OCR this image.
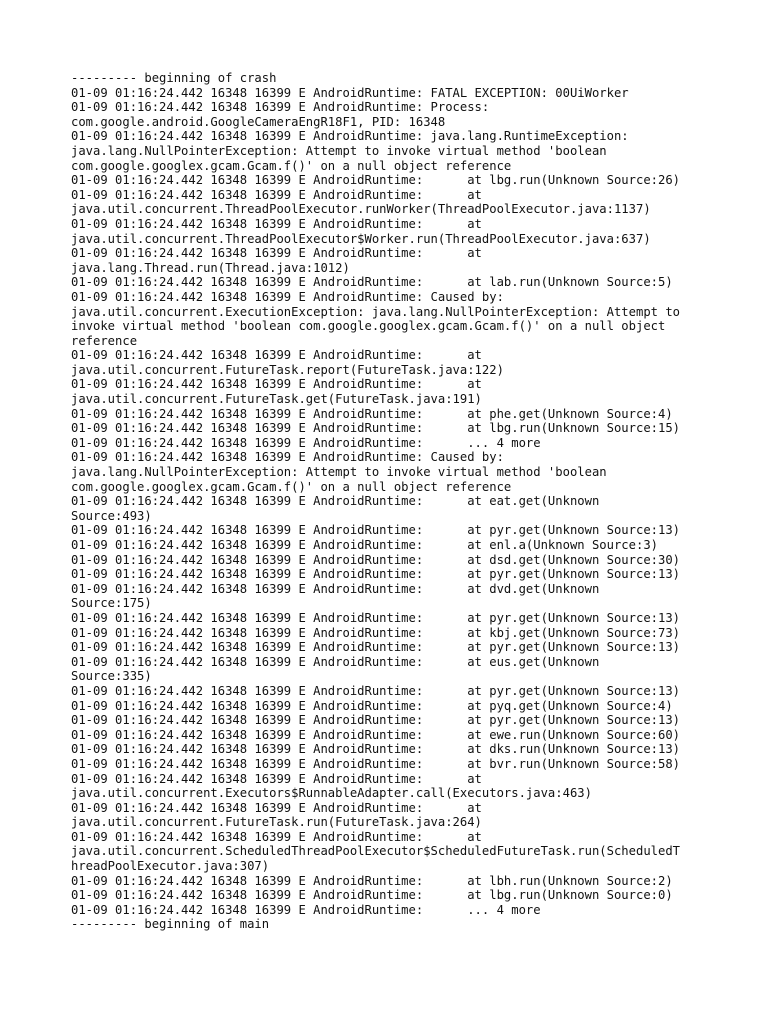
--------- beginning of crash
01-09 01:16:24.442 16348 16399 E AndroidRuntime: FATAL EXCEPTION: 00UiWorker
01-09 01:16:24.442 16348 16399 E AndroidRuntime: Process:
com.google.android.GoogleCameraEngR18F1, PID: 16348
01-09 01:16:24.442 16348 16399 E AndroidRuntime: java.lang.RuntimeException:
java.lang.NullPointerException: Attempt to invoke virtual method 'boolean
com.google.googlex.gcam.Gcam.f()' on a null object reference
01-09 01:16:24.442 16348 16399 E AndroidRuntime:      at lbg.run(Unknown Source:26)
01-09 01:16:24.442 16348 16399 E AndroidRuntime:      at
java.util.concurrent.ThreadPoolExecutor.runWorker(ThreadPoolExecutor.java:1137)
01-09 01:16:24.442 16348 16399 E AndroidRuntime:      at
java.util.concurrent.ThreadPoolExecutor$Worker.run(ThreadPoolExecutor.java:637)
01-09 01:16:24.442 16348 16399 E AndroidRuntime:      at
java.lang.Thread.run(Thread.java:1012)
01-09 01:16:24.442 16348 16399 E AndroidRuntime:      at lab.run(Unknown Source:5)
01-09 01:16:24.442 16348 16399 E AndroidRuntime: Caused by:
java.util.concurrent.ExecutionException: java.lang.NullPointerException: Attempt to
invoke virtual method 'boolean com.google.googlex.gcam.Gcam.f()' on a null object
reference
01-09 01:16:24.442 16348 16399 E AndroidRuntime:      at
java.util.concurrent.FutureTask.report(FutureTask.java:122)
01-09 01:16:24.442 16348 16399 E AndroidRuntime:      at
java.util.concurrent.FutureTask.get(FutureTask.java:191)
01-09 01:16:24.442 16348 16399 E AndroidRuntime:      at phe.get(Unknown Source:4)
01-09 01:16:24.442 16348 16399 E AndroidRuntime:      at lbg.run(Unknown Source:15)
01-09 01:16:24.442 16348 16399 E AndroidRuntime:      ... 4 more
01-09 01:16:24.442 16348 16399 E AndroidRuntime: Caused by:
java.lang.NullPointerException: Attempt to invoke virtual method 'boolean
com.google.googlex.gcam.Gcam.f()' on a null object reference
01-09 01:16:24.442 16348 16399 E AndroidRuntime:      at eat.get(Unknown
Source:493)
01-09 01:16:24.442 16348 16399 E AndroidRuntime:      at pyr.get(Unknown Source:13)
01-09 01:16:24.442 16348 16399 E AndroidRuntime:      at enl.a(Unknown Source:3)
01-09 01:16:24.442 16348 16399 E AndroidRuntime:      at dsd.get(Unknown Source:30)
01-09 01:16:24.442 16348 16399 E AndroidRuntime:      at pyr.get(Unknown Source:13)
01-09 01:16:24.442 16348 16399 E AndroidRuntime:      at dvd.get(Unknown
Source:175)
01-09 01:16:24.442 16348 16399 E AndroidRuntime:      at pyr.get(Unknown Source:13)
01-09 01:16:24.442 16348 16399 E AndroidRuntime:      at kbj.get(Unknown Source:73)
01-09 01:16:24.442 16348 16399 E AndroidRuntime:      at pyr.get(Unknown Source:13)
01-09 01:16:24.442 16348 16399 E AndroidRuntime:      at eus.get(Unknown
Source:335)
01-09 01:16:24.442 16348 16399 E AndroidRuntime:      at pyr.get(Unknown Source:13)
01-09 01:16:24.442 16348 16399 E AndroidRuntime:      at pyq.get(Unknown Source:4)
01-09 01:16:24.442 16348 16399 E AndroidRuntime:      at pyr.get(Unknown Source:13)
01-09 01:16:24.442 16348 16399 E AndroidRuntime:      at ewe.run(Unknown Source:60)
01-09 01:16:24.442 16348 16399 E AndroidRuntime:      at dks.run(Unknown Source:13)
01-09 01:16:24.442 16348 16399 E AndroidRuntime:      at bvr.run(Unknown Source:58)
01-09 01:16:24.442 16348 16399 E AndroidRuntime:      at
java.util.concurrent.Executors$RunnableAdapter.call(Executors.java:463)
01-09 01:16:24.442 16348 16399 E AndroidRuntime:      at
java.util.concurrent.FutureTask.run(FutureTask.java:264)
01-09 01:16:24.442 16348 16399 E AndroidRuntime:      at
java.util.concurrent.ScheduledThreadPoolExecutor$ScheduledFutureTask.run(ScheduledT
hreadPoolExecutor.java:307)
01-09 01:16:24.442 16348 16399 E AndroidRuntime:      at lbh.run(Unknown Source:2)
01-09 01:16:24.442 16348 16399 E AndroidRuntime:      at lbg.run(Unknown Source:0)
01-09 01:16:24.442 16348 16399 E AndroidRuntime:      ... 4 more
--------- beginning of main
